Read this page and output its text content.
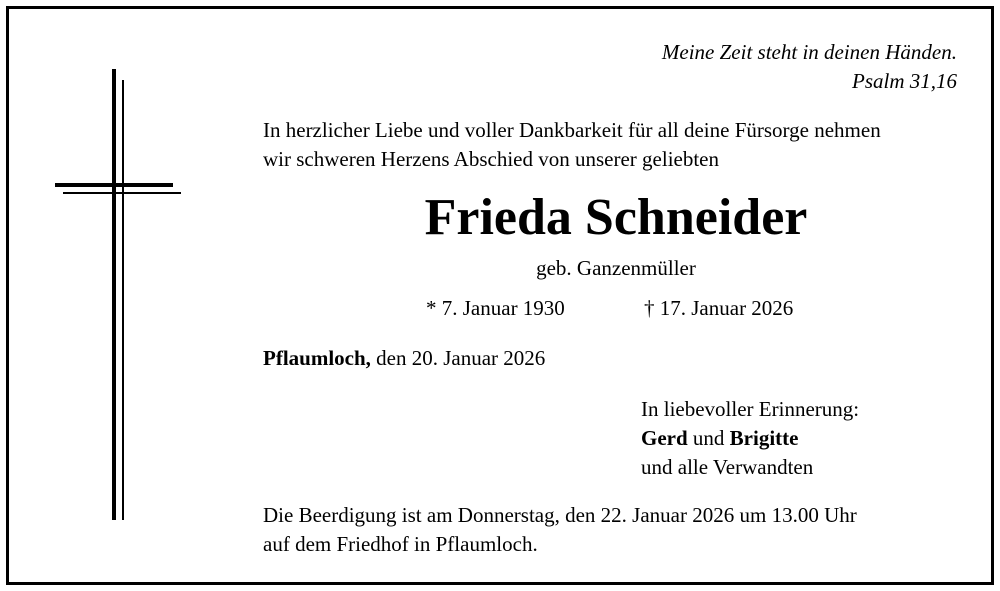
Meine Zeit steht in deinen Händen.
Psalm 31,16
In herzlicher Liebe und voller Dankbarkeit für all deine Fürsorge nehmen
wir schweren Herzens Abschied von unserer geliebten
Frieda Schneider
geb. Ganzenmüller
* 7. Januar 1930	† 17. Januar 2026
Pflaumloch, den 20. Januar 2026
In liebevoller Erinnerung:
Gerd und Brigitte
und alle Verwandten
Die Beerdigung ist am Donnerstag, den 22. Januar 2026 um 13.00 Uhr
auf dem Friedhof in Pflaumloch.
